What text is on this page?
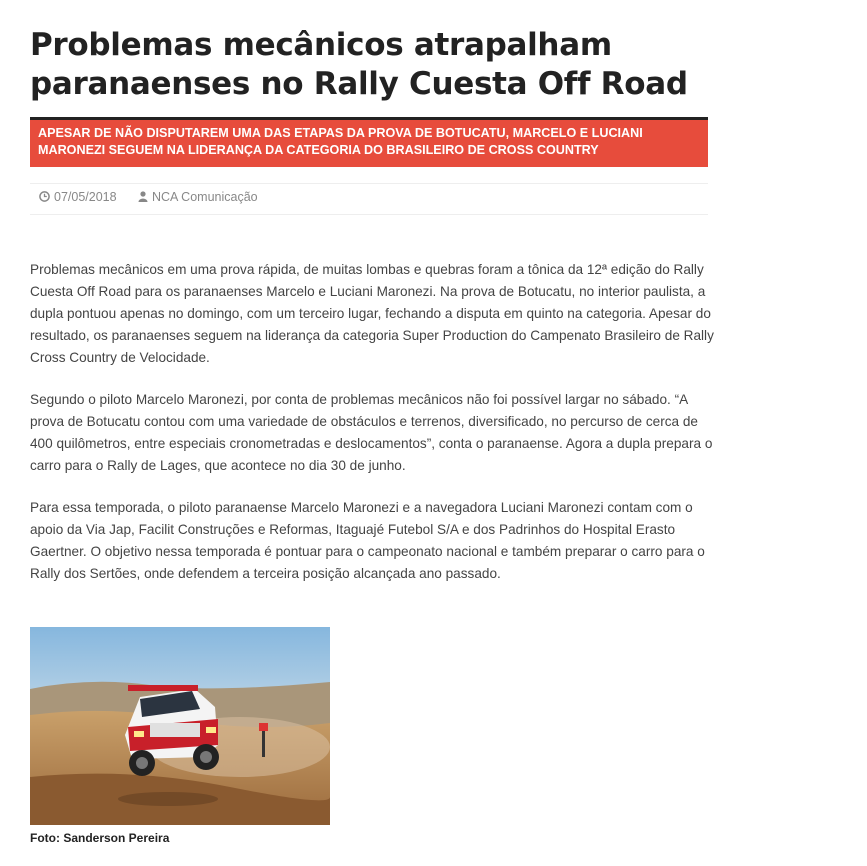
Problemas mecânicos atrapalham paranaenses no Rally Cuesta Off Road
APESAR DE NÃO DISPUTAREM UMA DAS ETAPAS DA PROVA DE BOTUCATU, MARCELO E LUCIANI MARONEZI SEGUEM NA LIDERANÇA DA CATEGORIA DO BRASILEIRO DE CROSS COUNTRY
07/05/2018	NCA Comunicação

Problemas mecânicos em uma prova rápida, de muitas lombas e quebras foram a tônica da 12ª edição do Rally Cuesta Off Road para os paranaenses Marcelo e Luciani Maronezi. Na prova de Botucatu, no interior paulista, a dupla pontuou apenas no domingo, com um terceiro lugar, fechando a disputa em quinto na categoria. Apesar do resultado, os paranaenses seguem na liderança da categoria Super Production do Campenato Brasileiro de Rally Cross Country de Velocidade.

Segundo o piloto Marcelo Maronezi, por conta de problemas mecânicos não foi possível largar no sábado. “A prova de Botucatu contou com uma variedade de obstáculos e terrenos, diversificado, no percurso de cerca de 400 quilômetros, entre especiais cronometradas e deslocamentos”, conta o paranaense. Agora a dupla prepara o carro para o Rally de Lages, que acontece no dia 30 de junho.

Para essa temporada, o piloto paranaense Marcelo Maronezi e a navegadora Luciani Maronezi contam com o apoio da Via Jap, Facilit Construções e Reformas, Itaguajé Futebol S/A e dos Padrinhos do Hospital Erasto Gaertner. O objetivo nessa temporada é pontuar para o campeonato nacional e também preparar o carro para o Rally dos Sertões, onde defendem a terceira posição alcançada ano passado.

Foto: Sanderson Pereira
